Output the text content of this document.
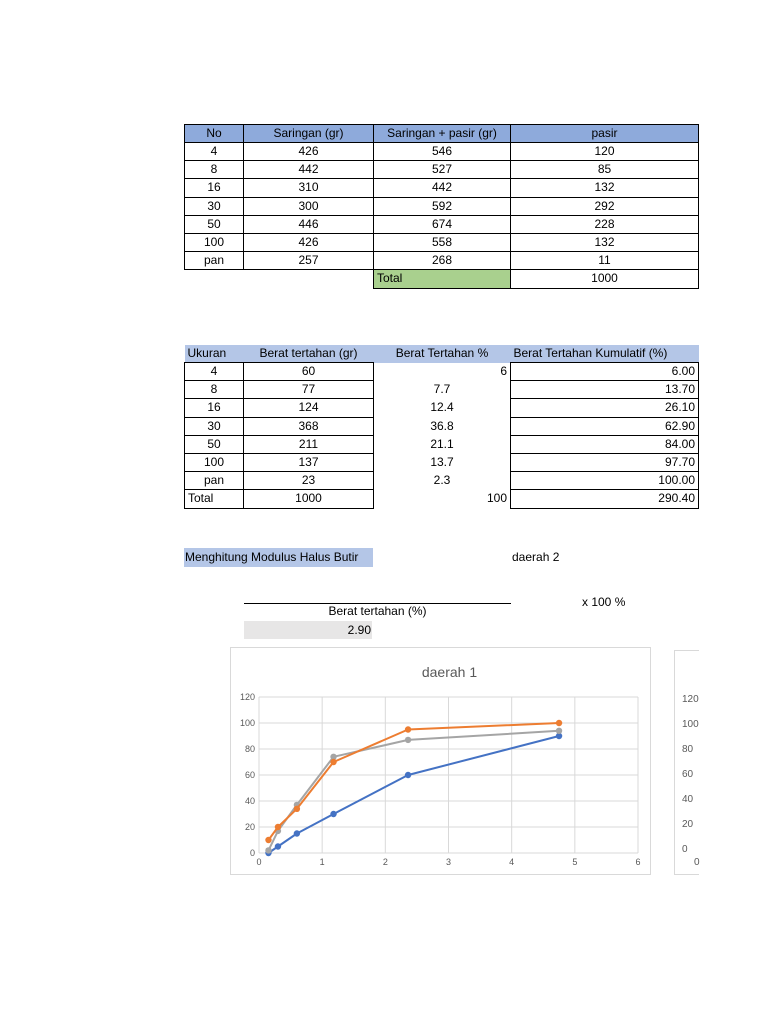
No	Saringan (gr)	Saringan + pasir (gr)	pasir
4	426	546	120
8	442	527	85
16	310	442	132
30	300	592	292
50	446	674	228
100	426	558	132
pan	257	268	11
		Total	1000
Ukuran	Berat tertahan (gr)	Berat Tertahan %	Berat Tertahan Kumulatif (%)
4	60	6	6.00
8	77	7.7	13.70
16	124	12.4	26.10
30	368	36.8	62.90
50	211	21.1	84.00
100	137	13.7	97.70
pan	23	2.3	100.00
Total	1000	100	290.40
Menghitung Modulus Halus Butir	daerah 2
x 100 %
Berat tertahan (%)
2.90
daerah 1
0
20
40
60
80
100
120
0	1	2	3	4	5	6
120
100
80
60
40
20
0
0
